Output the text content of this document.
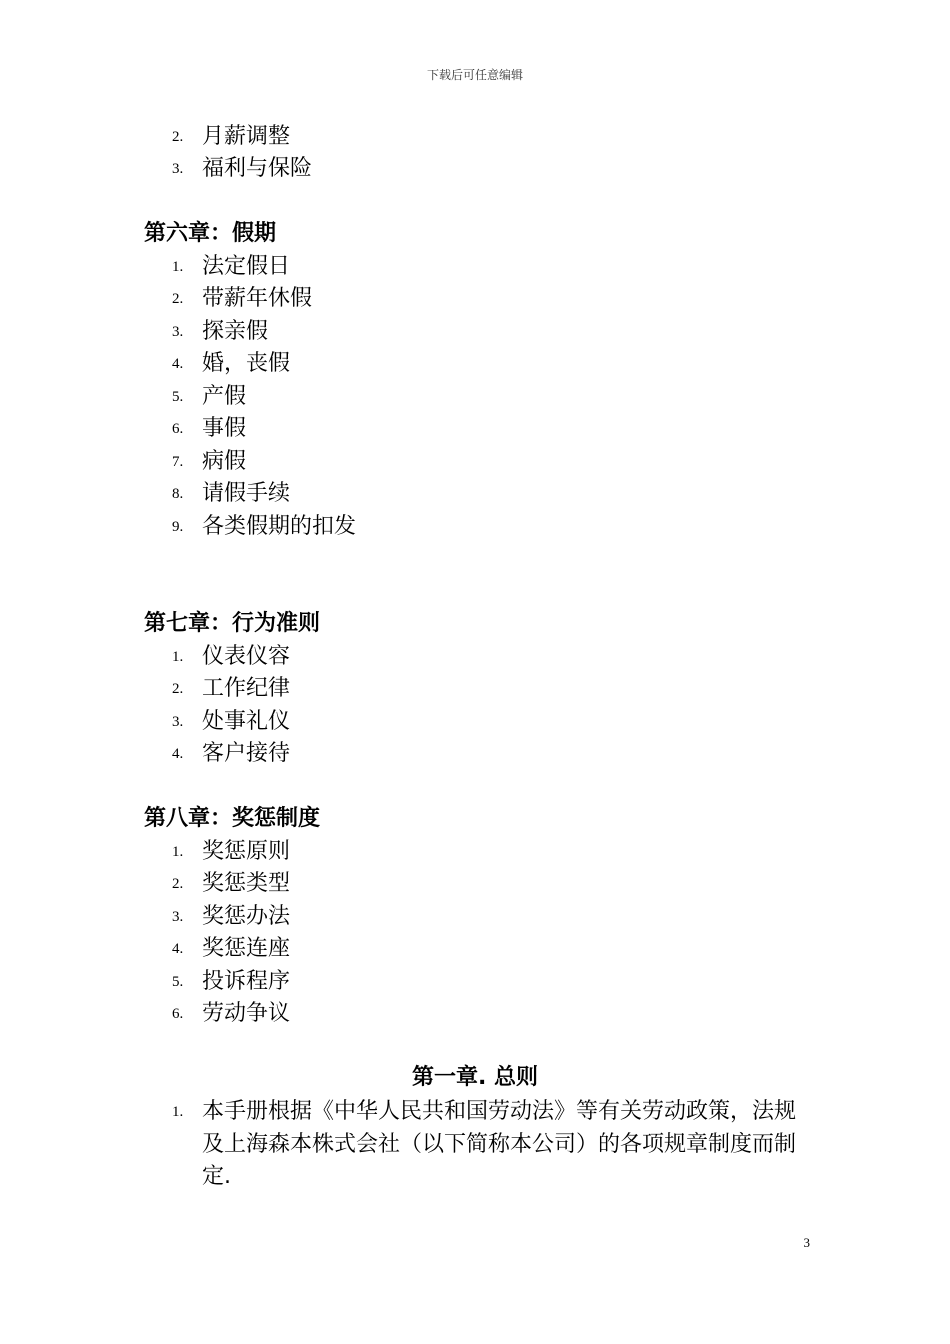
下载后可任意编辑
2. 月薪调整
3. 福利与保险
第六章：假期
1. 法定假日
2. 带薪年休假
3. 探亲假
4. 婚，丧假
5. 产假
6. 事假
7. 病假
8. 请假手续
9. 各类假期的扣发
第七章：行为准则
1. 仪表仪容
2. 工作纪律
3. 处事礼仪
4. 客户接待
第八章：奖惩制度
1. 奖惩原则
2. 奖惩类型
3. 奖惩办法
4. 奖惩连座
5. 投诉程序
6. 劳动争议
第一章. 总则
1. 本手册根据《中华人民共和国劳动法》等有关劳动政策，法规及上海森本株式会社（以下简称本公司）的各项规章制度而制定.
3
